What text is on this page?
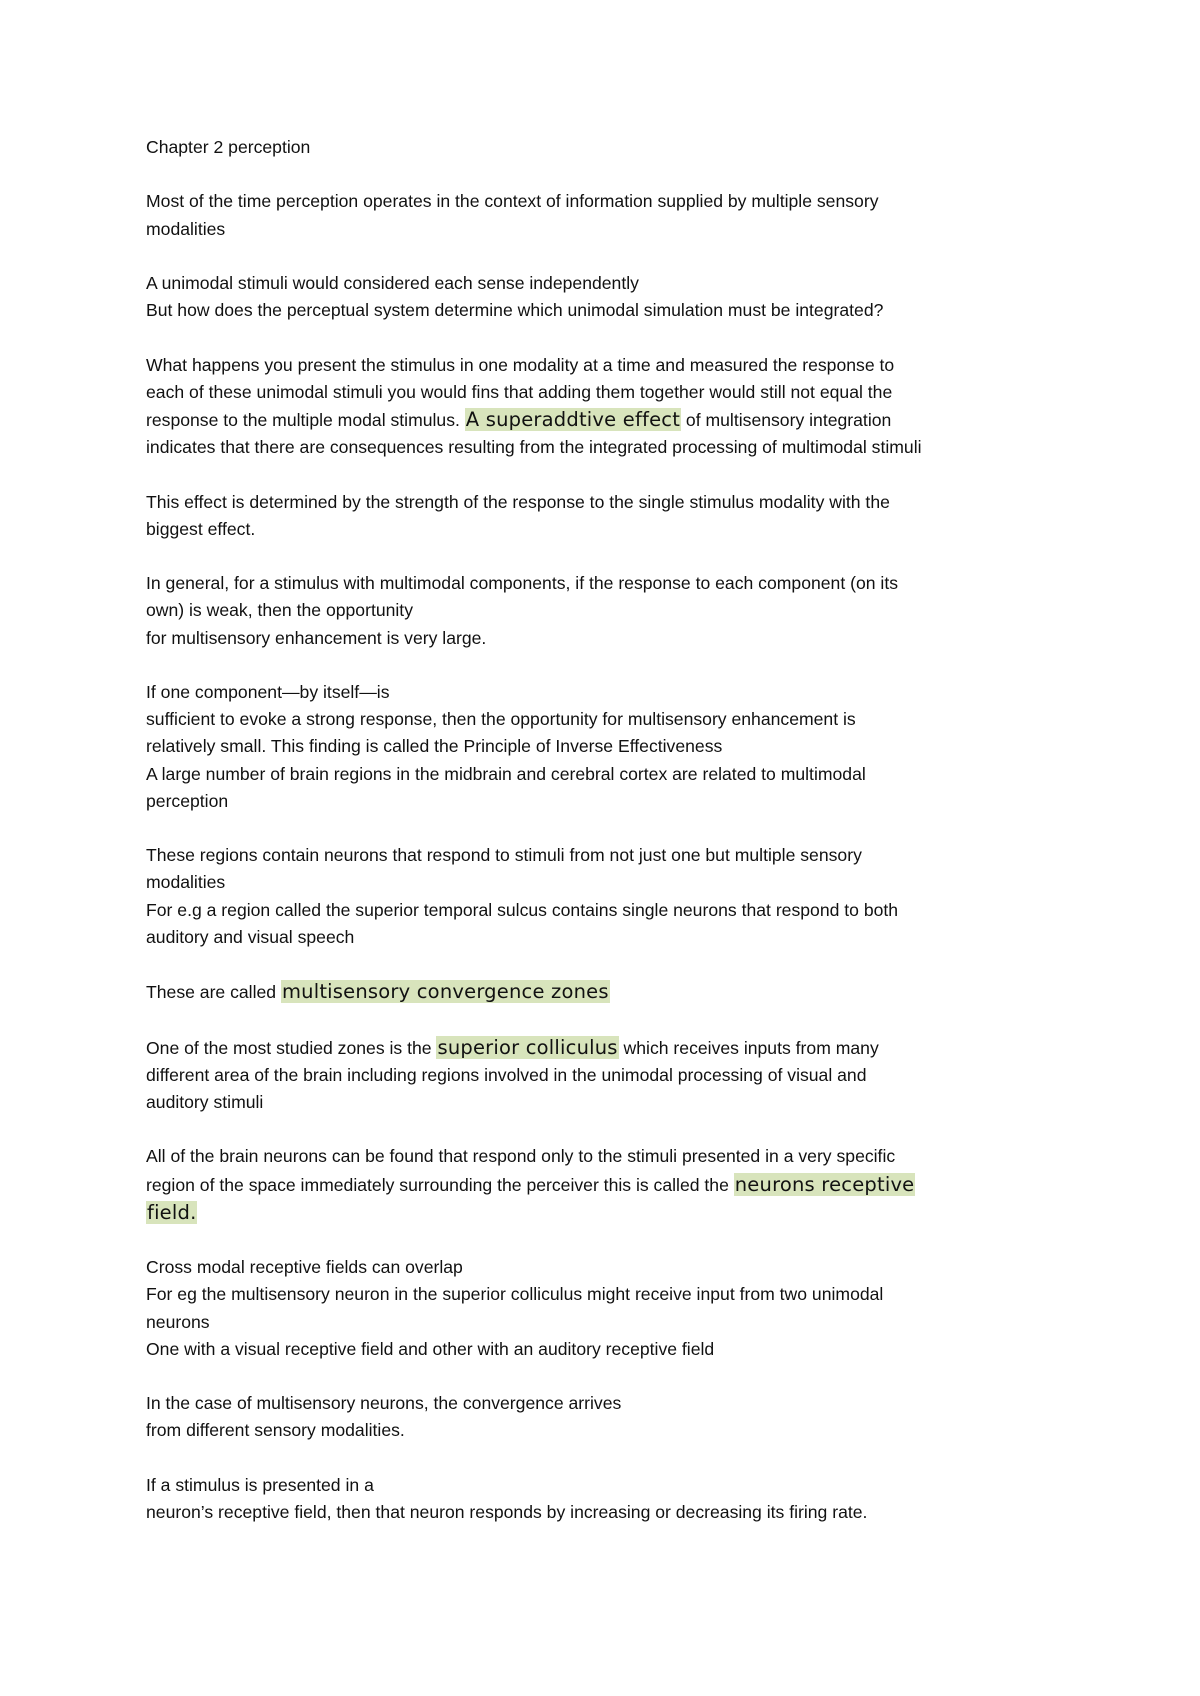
Chapter 2 perception

Most of the time perception operates in the context of information supplied by multiple sensory
modalities

A unimodal stimuli would considered each sense independently
But how does the perceptual system determine which unimodal simulation must be integrated?

What happens you present the stimulus in one modality at a time and measured the response to
each of these unimodal stimuli you would fins that adding them together would still not equal the
response to the multiple modal stimulus. A superaddtive effect of multisensory integration
indicates that there are consequences resulting from the integrated processing of multimodal stimuli

This effect is determined by the strength of the response to the single stimulus modality with the
biggest effect.

In general, for a stimulus with multimodal components, if the response to each component (on its
own) is weak, then the opportunity
for multisensory enhancement is very large.

If one component—by itself—is
sufficient to evoke a strong response, then the opportunity for multisensory enhancement is
relatively small. This finding is called the Principle of Inverse Effectiveness
A large number of brain regions in the midbrain and cerebral cortex are related to multimodal
perception

These regions contain neurons that respond to stimuli from not just one but multiple sensory
modalities
For e.g a region called the superior temporal sulcus contains single neurons that respond to both
auditory and visual speech

These are called multisensory convergence zones

One of the most studied zones is the superior colliculus which receives inputs from many
different area of the brain including regions involved in the unimodal processing of visual and
auditory stimuli

All of the brain neurons can be found that respond only to the stimuli presented in a very specific
region of the space immediately surrounding the perceiver this is called the neurons receptive
field.

Cross modal receptive fields can overlap
For eg the multisensory neuron in the superior colliculus might receive input from two unimodal
neurons
One with a visual receptive field and other with an auditory receptive field

In the case of multisensory neurons, the convergence arrives
from different sensory modalities.

If a stimulus is presented in a
neuron’s receptive field, then that neuron responds by increasing or decreasing its firing rate.
